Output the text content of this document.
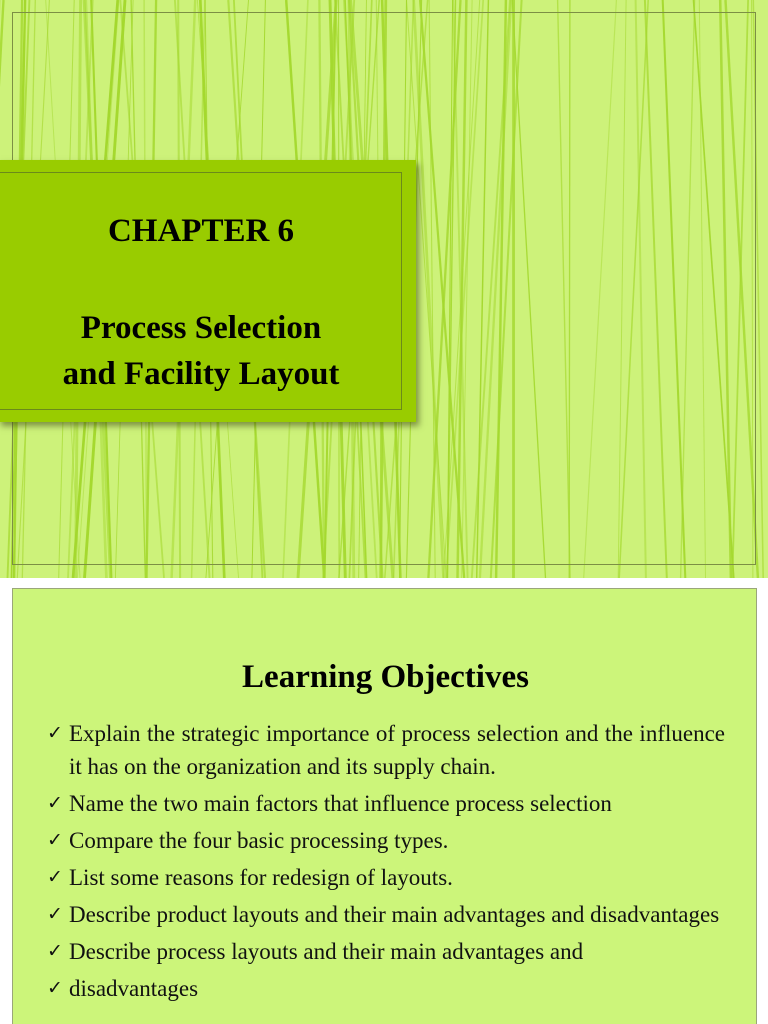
CHAPTER 6
Process Selection
and Facility Layout
Learning Objectives
✓ Explain the strategic importance of process selection and the influence it has on the organization and its supply chain.
✓ Name the two main factors that influence process selection
✓ Compare the four basic processing types.
✓ List some reasons for redesign of layouts.
✓ Describe product layouts and their main advantages and disadvantages
✓ Describe process layouts and their main advantages and
✓ disadvantages
